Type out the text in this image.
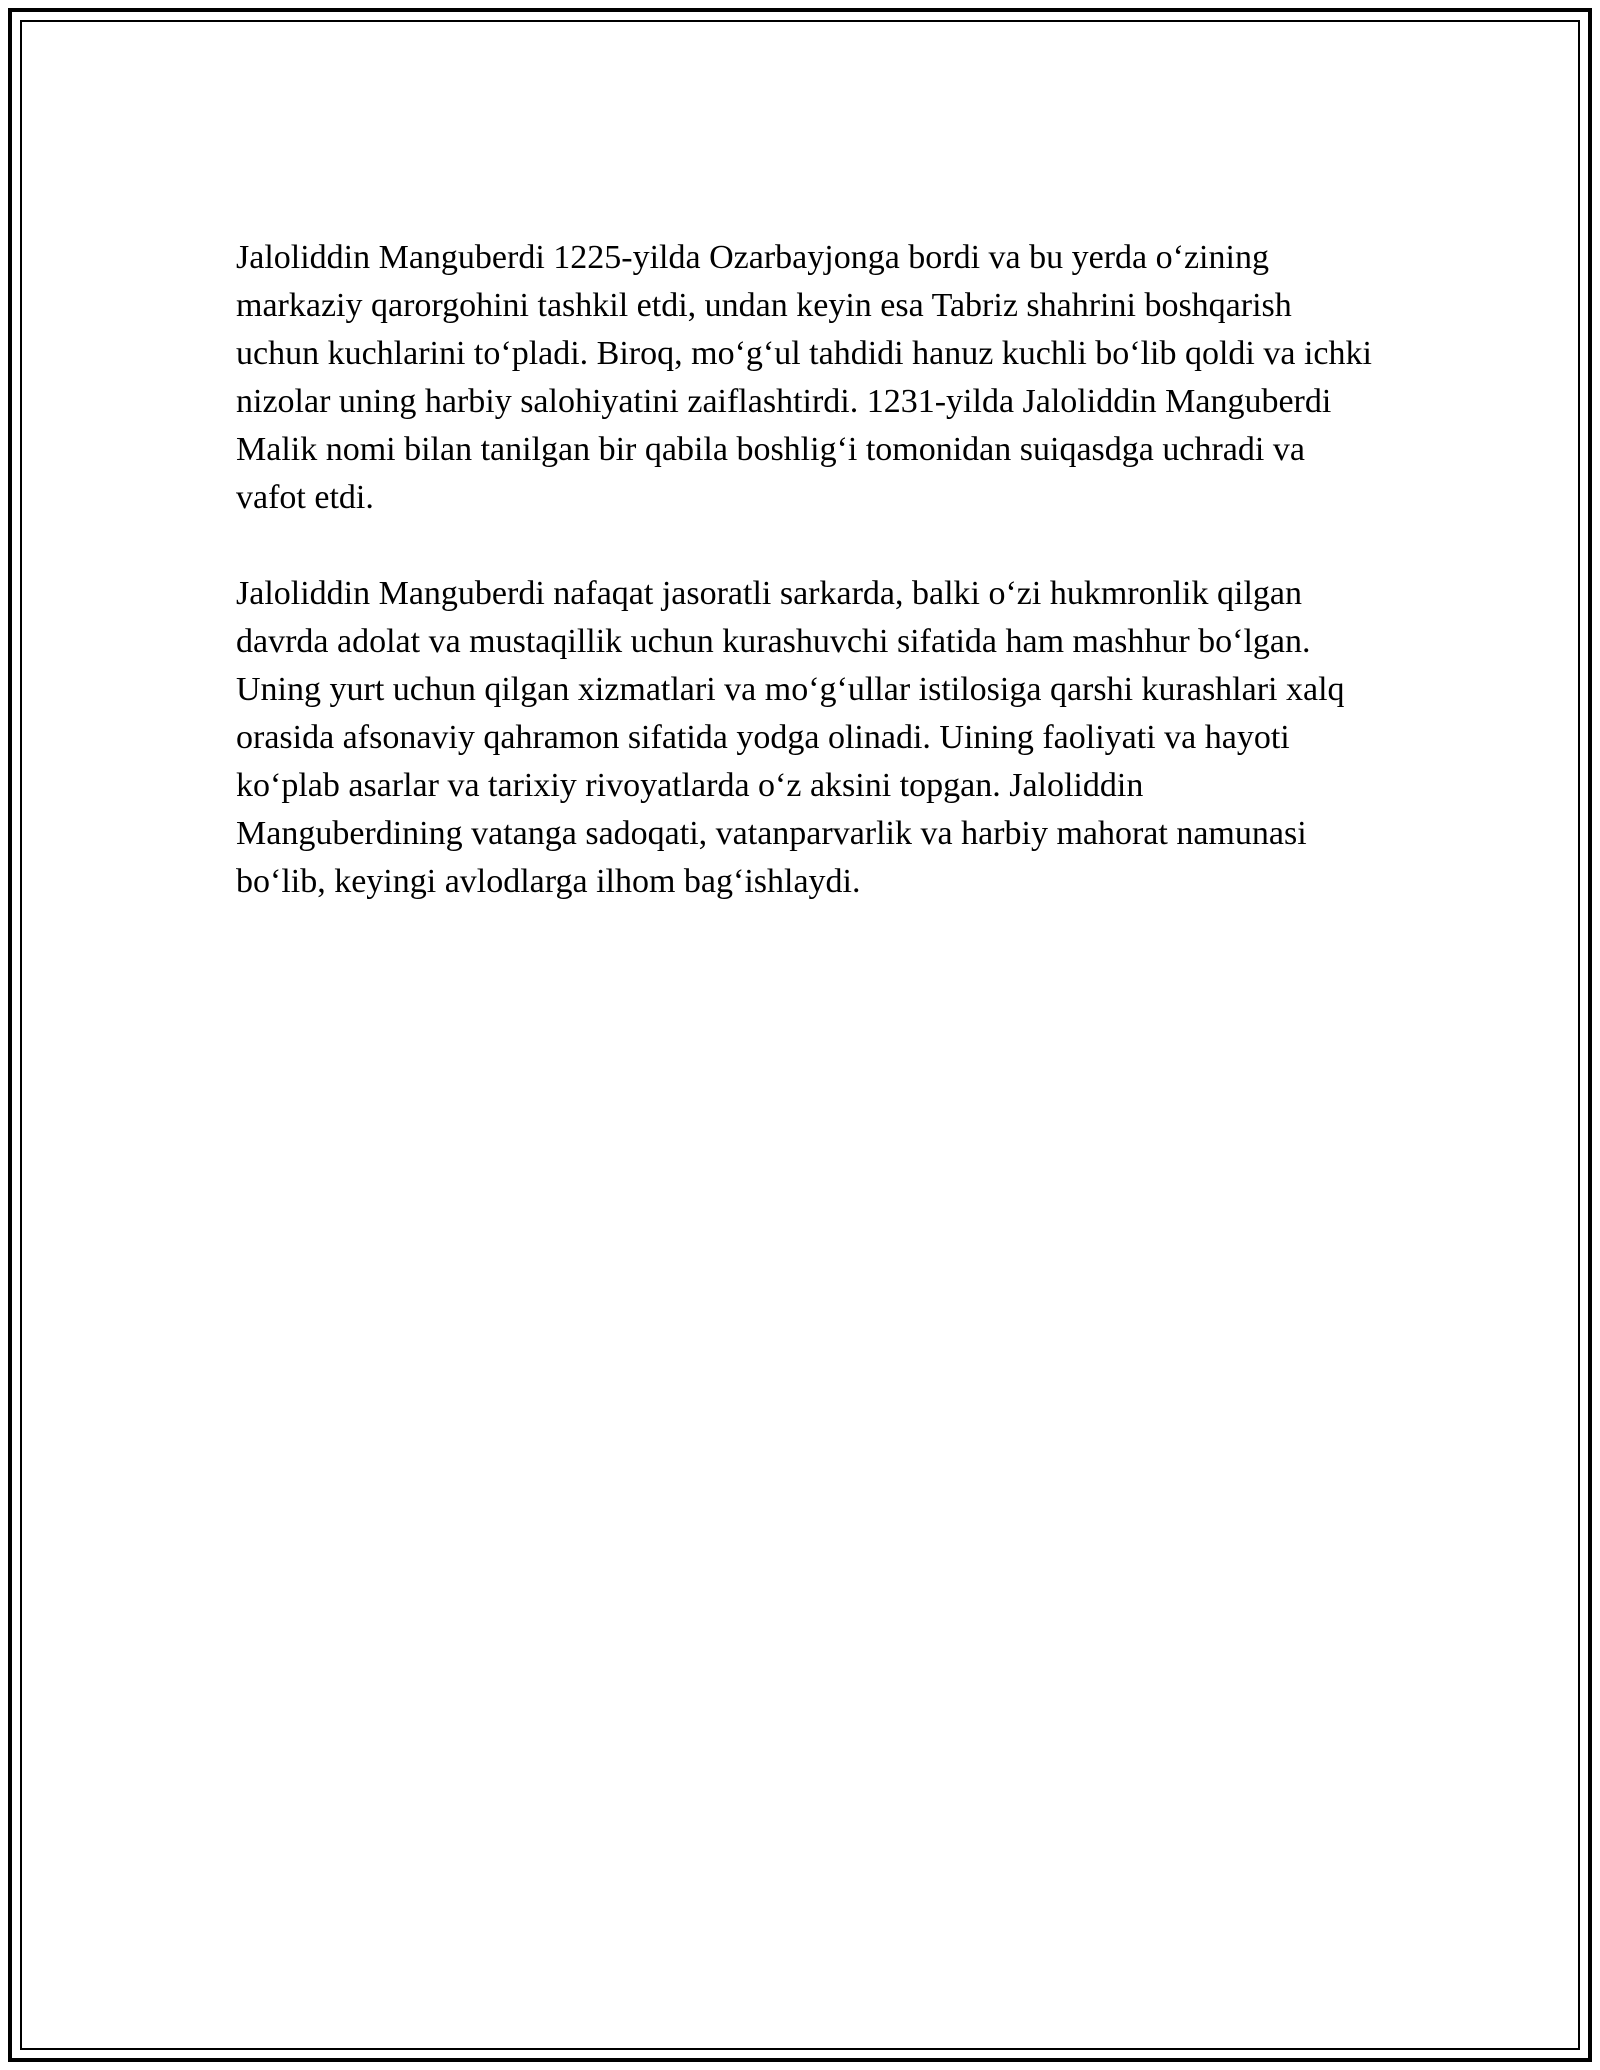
Jaloliddin Manguberdi 1225-yilda Ozarbayjonga bordi va bu yerda o‘zining markaziy qarorgohini tashkil etdi, undan keyin esa Tabriz shahrini boshqarish uchun kuchlarini to‘pladi. Biroq, mo‘g‘ul tahdidi hanuz kuchli bo‘lib qoldi va ichki nizolar uning harbiy salohiyatini zaiflashtirdi. 1231-yilda Jaloliddin Manguberdi Malik nomi bilan tanilgan bir qabila boshlig‘i tomonidan suiqasdga uchradi va vafot etdi.

Jaloliddin Manguberdi nafaqat jasoratli sarkarda, balki o‘zi hukmronlik qilgan davrda adolat va mustaqillik uchun kurashuvchi sifatida ham mashhur bo‘lgan. Uning yurt uchun qilgan xizmatlari va mo‘g‘ullar istilosiga qarshi kurashlari xalq orasida afsonaviy qahramon sifatida yodga olinadi. Uining faoliyati va hayoti ko‘plab asarlar va tarixiy rivoyatlarda o‘z aksini topgan. Jaloliddin Manguberdining vatanga sadoqati, vatanparvarlik va harbiy mahorat namunasi bo‘lib, keyingi avlodlarga ilhom bag‘ishlaydi.
